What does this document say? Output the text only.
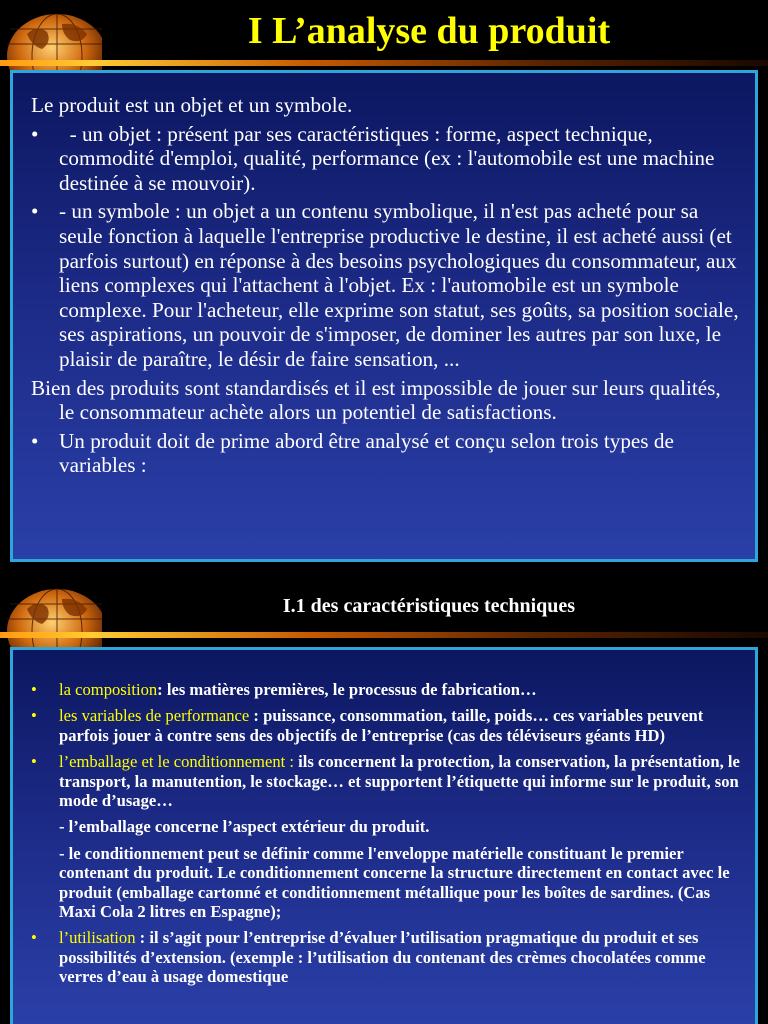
I L’analyse du produit
Le produit est un objet et un symbole.
• - un objet : présent par ses caractéristiques : forme, aspect technique, commodité d'emploi, qualité, performance (ex : l'automobile est une machine destinée à se mouvoir).
• - un symbole : un objet a un contenu symbolique, il n'est pas acheté pour sa seule fonction à laquelle l'entreprise productive le destine, il est acheté aussi (et parfois surtout) en réponse à des besoins psychologiques du consommateur, aux liens complexes qui l'attachent à l'objet. Ex : l'automobile est un symbole complexe. Pour l'acheteur, elle exprime son statut, ses goûts, sa position sociale, ses aspirations, un pouvoir de s'imposer, de dominer les autres par son luxe, le plaisir de paraître, le désir de faire sensation, ...
Bien des produits sont standardisés et il est impossible de jouer sur leurs qualités, le consommateur achète alors un potentiel de satisfactions.
• Un produit doit de prime abord être analysé et conçu selon trois types de variables :
I.1 des caractéristiques techniques
• la composition: les matières premières, le processus de fabrication…
• les variables de performance : puissance, consommation, taille, poids… ces variables peuvent parfois jouer à contre sens des objectifs de l’entreprise (cas des téléviseurs géants HD)
• l’emballage et le conditionnement : ils concernent la protection, la conservation, la présentation, le transport, la manutention, le stockage… et supportent l’étiquette qui informe sur le produit, son mode d’usage…
- l’emballage concerne l’aspect extérieur du produit.
- le conditionnement peut se définir comme l'enveloppe matérielle constituant le premier contenant du produit. Le conditionnement concerne la structure directement en contact avec le produit (emballage cartonné et conditionnement métallique pour les boîtes de sardines. (Cas Maxi Cola 2 litres en Espagne);
• l’utilisation : il s’agit pour l’entreprise d’évaluer l’utilisation pragmatique du produit et ses possibilités d’extension. (exemple : l’utilisation du contenant des crèmes chocolatées comme verres d’eau à usage domestique
